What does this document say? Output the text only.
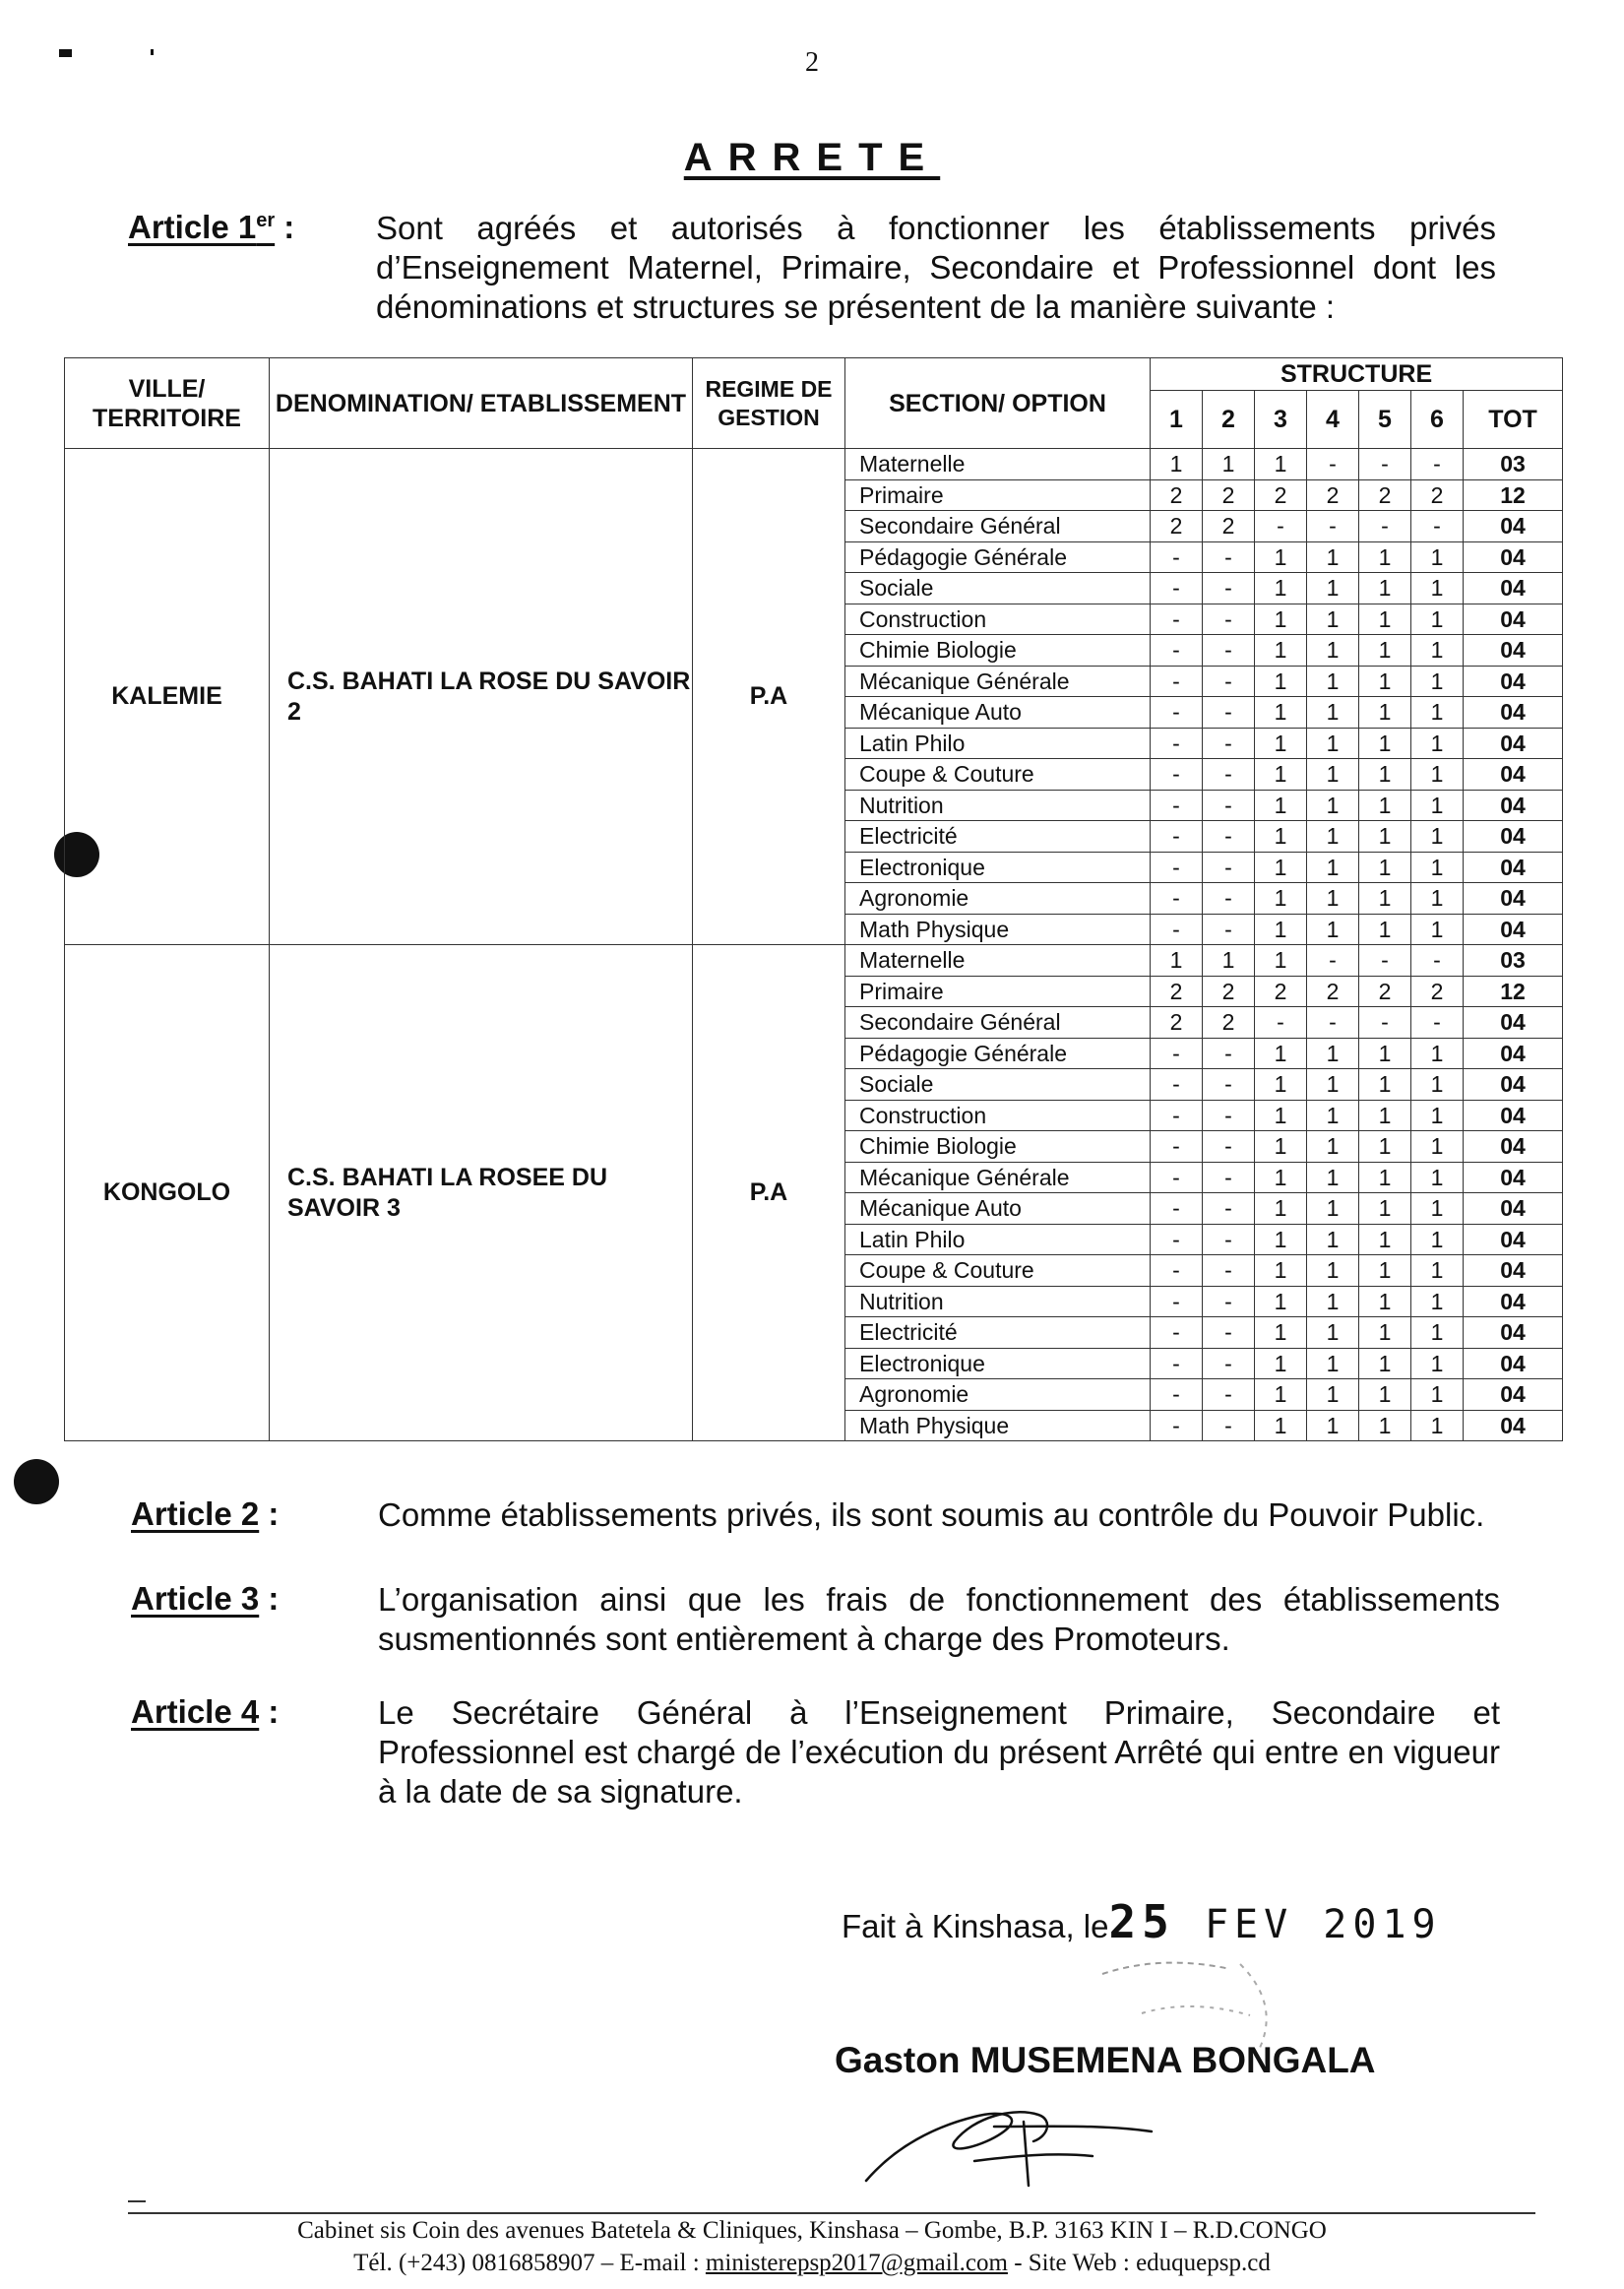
2
ARRETE
Article 1er :	Sont agréés et autorisés à fonctionner les établissements privés d’Enseignement Maternel, Primaire, Secondaire et Professionnel dont les dénominations et structures se présentent de la manière suivante :
VILLE/ TERRITOIRE	DENOMINATION/ ETABLISSEMENT	REGIME DE GESTION	SECTION/ OPTION	STRUCTURE						
				1	2	3	4	5	6	TOT
KALEMIE	C.S. BAHATI LA ROSE DU SAVOIR 2	P.A	Maternelle	1	1	1	-	-	-	03
			Primaire	2	2	2	2	2	2	12
			Secondaire Général	2	2	-	-	-	-	04
			Pédagogie Générale	-	-	1	1	1	1	04
			Sociale	-	-	1	1	1	1	04
			Construction	-	-	1	1	1	1	04
			Chimie Biologie	-	-	1	1	1	1	04
			Mécanique Générale	-	-	1	1	1	1	04
			Mécanique Auto	-	-	1	1	1	1	04
			Latin Philo	-	-	1	1	1	1	04
			Coupe & Couture	-	-	1	1	1	1	04
			Nutrition	-	-	1	1	1	1	04
			Electricité	-	-	1	1	1	1	04
			Electronique	-	-	1	1	1	1	04
			Agronomie	-	-	1	1	1	1	04
			Math Physique	-	-	1	1	1	1	04
KONGOLO	C.S. BAHATI LA ROSEE DU SAVOIR 3	P.A	Maternelle	1	1	1	-	-	-	03
			Primaire	2	2	2	2	2	2	12
			Secondaire Général	2	2	-	-	-	-	04
			Pédagogie Générale	-	-	1	1	1	1	04
			Sociale	-	-	1	1	1	1	04
			Construction	-	-	1	1	1	1	04
			Chimie Biologie	-	-	1	1	1	1	04
			Mécanique Générale	-	-	1	1	1	1	04
			Mécanique Auto	-	-	1	1	1	1	04
			Latin Philo	-	-	1	1	1	1	04
			Coupe & Couture	-	-	1	1	1	1	04
			Nutrition	-	-	1	1	1	1	04
			Electricité	-	-	1	1	1	1	04
			Electronique	-	-	1	1	1	1	04
			Agronomie	-	-	1	1	1	1	04
			Math Physique	-	-	1	1	1	1	04
Article 2 :	Comme établissements privés, ils sont soumis au contrôle du Pouvoir Public.
Article 3 :	L’organisation ainsi que les frais de fonctionnement des établissements susmentionnés sont entièrement à charge des Promoteurs.
Article 4 :	Le Secrétaire Général à l’Enseignement Primaire, Secondaire et Professionnel est chargé de l’exécution du présent Arrêté qui entre en vigueur à la date de sa signature.
Fait à Kinshasa, le25 FEV 2019
Gaston MUSEMENA BONGALA
Cabinet sis Coin des avenues Batetela & Cliniques, Kinshasa – Gombe, B.P. 3163 KIN I – R.D.CONGO
Tél. (+243) 0816858907 – E-mail : ministerepsp2017@gmail.com - Site Web : eduquepsp.cd
